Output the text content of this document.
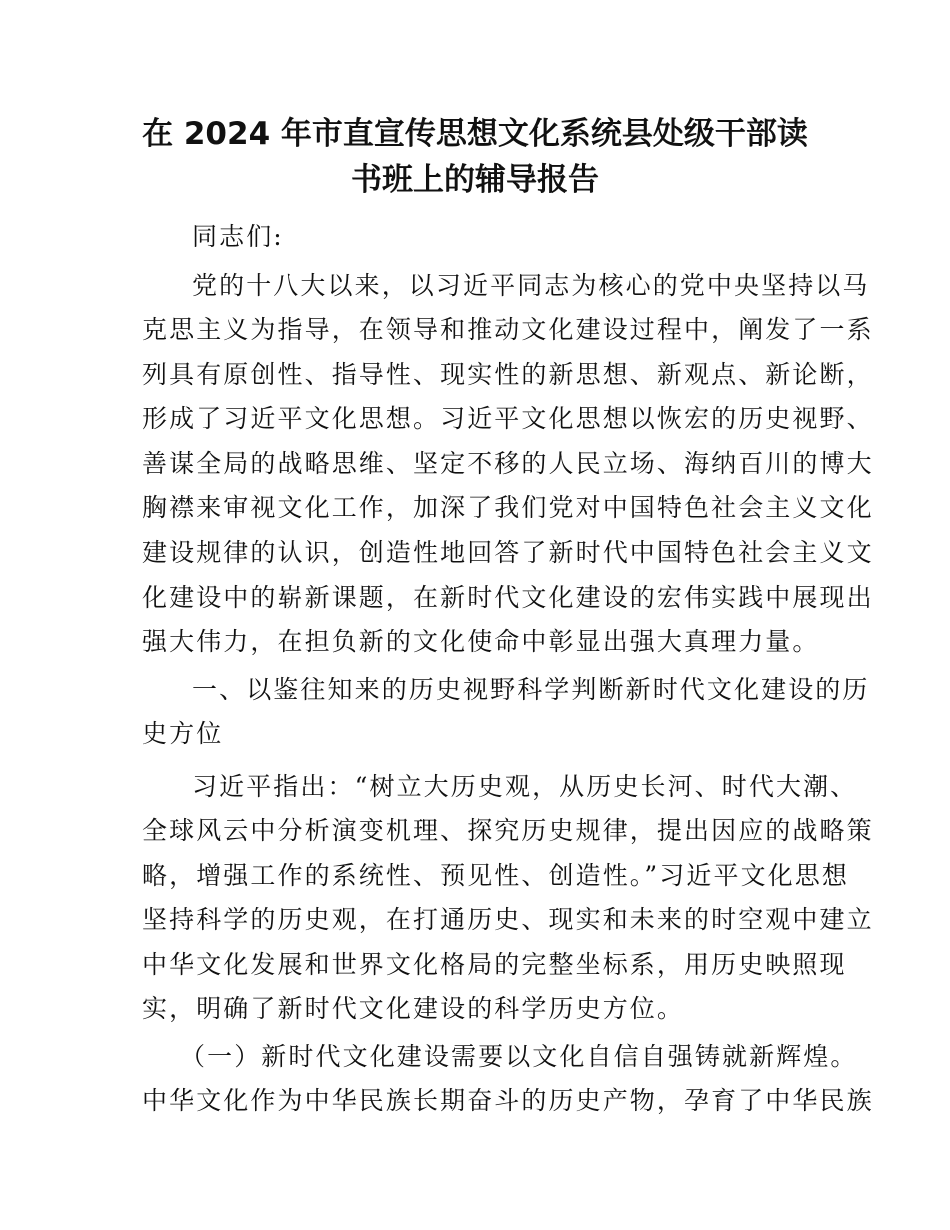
在 2024 年市直宣传思想文化系统县处级干部读
书班上的辅导报告
同志们:
党的十八大以来，以习近平同志为核心的党中央坚持以马
克思主义为指导，在领导和推动文化建设过程中，阐发了一系
列具有原创性、指导性、现实性的新思想、新观点、新论断，
形成了习近平文化思想。习近平文化思想以恢宏的历史视野、
善谋全局的战略思维、坚定不移的人民立场、海纳百川的博大
胸襟来审视文化工作，加深了我们党对中国特色社会主义文化
建设规律的认识，创造性地回答了新时代中国特色社会主义文
化建设中的崭新课题，在新时代文化建设的宏伟实践中展现出
强大伟力，在担负新的文化使命中彰显出强大真理力量。
一、以鉴往知来的历史视野科学判断新时代文化建设的历
史方位
习近平指出：“树立大历史观，从历史长河、时代大潮、
全球风云中分析演变机理、探究历史规律，提出因应的战略策
略，增强工作的系统性、预见性、创造性。”习近平文化思想
坚持科学的历史观，在打通历史、现实和未来的时空观中建立
中华文化发展和世界文化格局的完整坐标系，用历史映照现
实，明确了新时代文化建设的科学历史方位。
（一）新时代文化建设需要以文化自信自强铸就新辉煌。
中华文化作为中华民族长期奋斗的历史产物，孕育了中华民族
